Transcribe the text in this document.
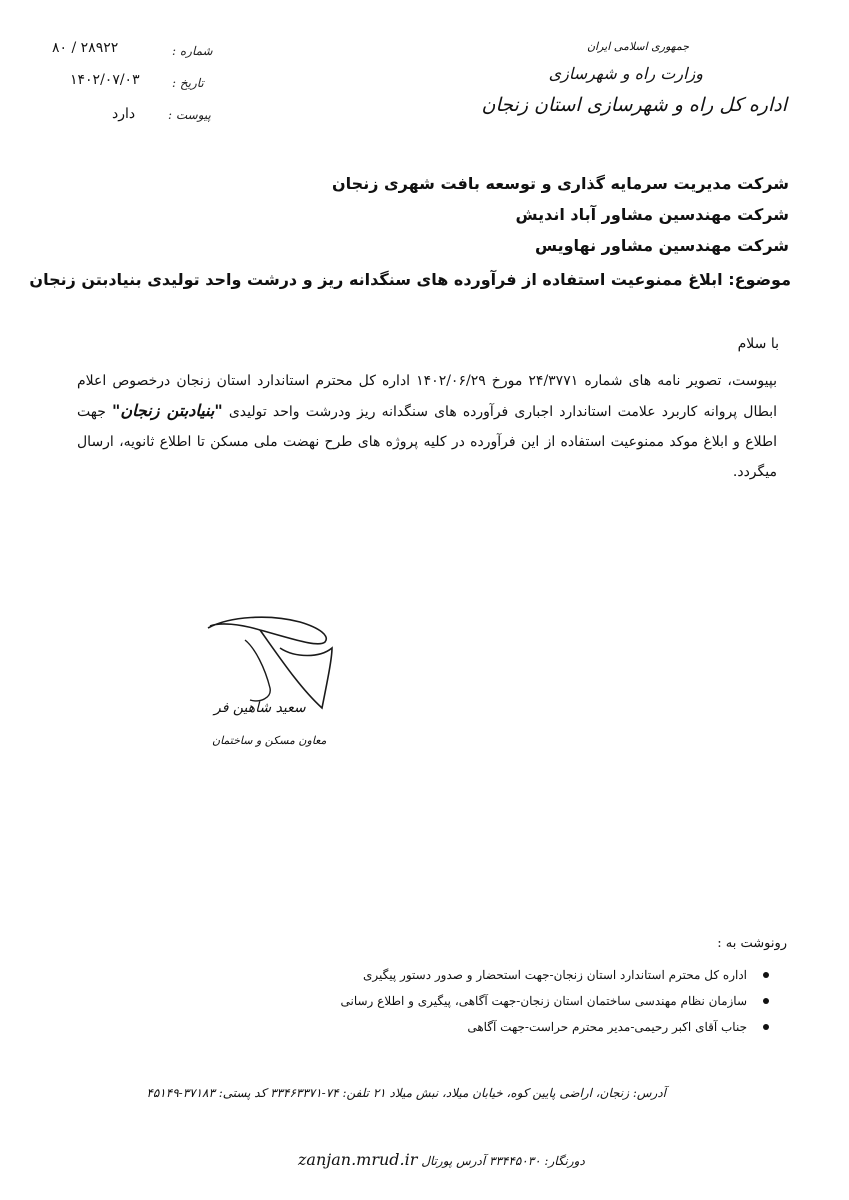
جمهوری اسلامی ایران
وزارت راه و شهرسازی
اداره کل راه و شهرسازی استان زنجان
شماره :
۸۰ / ۲۸۹۲۲
تاریخ :
۱۴۰۲/۰۷/۰۳
پیوست :
دارد
شرکت مدیریت سرمایه گذاری و توسعه بافت شهری زنجان
شرکت مهندسین مشاور آباد اندیش
شرکت مهندسین مشاور نهاویس
موضوع: ابلاغ ممنوعیت استفاده از فرآورده های سنگدانه ریز و درشت واحد تولیدی بنیادبتن زنجان
با سلام
بپیوست، تصویر نامه های شماره ۲۴/۳۷۷۱ مورخ ۱۴۰۲/۰۶/۲۹ اداره کل محترم استاندارد استان زنجان درخصوص اعلام ابطال پروانه کاربرد علامت استاندارد اجباری فرآورده های سنگدانه ریز ودرشت واحد تولیدی "بنیادبتن زنجان" جهت اطلاع و ابلاغ موکد ممنوعیت استفاده از این فرآورده در کلیه پروژه های طرح نهضت ملی مسکن تا اطلاع ثانویه، ارسال میگردد.
سعید شاهین فر
معاون مسکن و ساختمان
رونوشت به :
اداره کل محترم استاندارد استان زنجان-جهت استحضار و صدور دستور پیگیری
سازمان نظام مهندسی ساختمان استان زنجان-جهت آگاهی، پیگیری و اطلاع رسانی
جناب آقای اکبر رحیمی-مدیر محترم حراست-جهت آگاهی
آدرس: زنجان، اراضی پایین کوه، خیابان میلاد، نبش میلاد ۲۱ تلفن: ۷۴-۳۳۴۶۳۳۷۱ کد پستی: ۳۷۱۸۳-۴۵۱۴۹
دورنگار: ۳۳۴۴۵۰۳۰ آدرس پورتال zanjan.mrud.ir
